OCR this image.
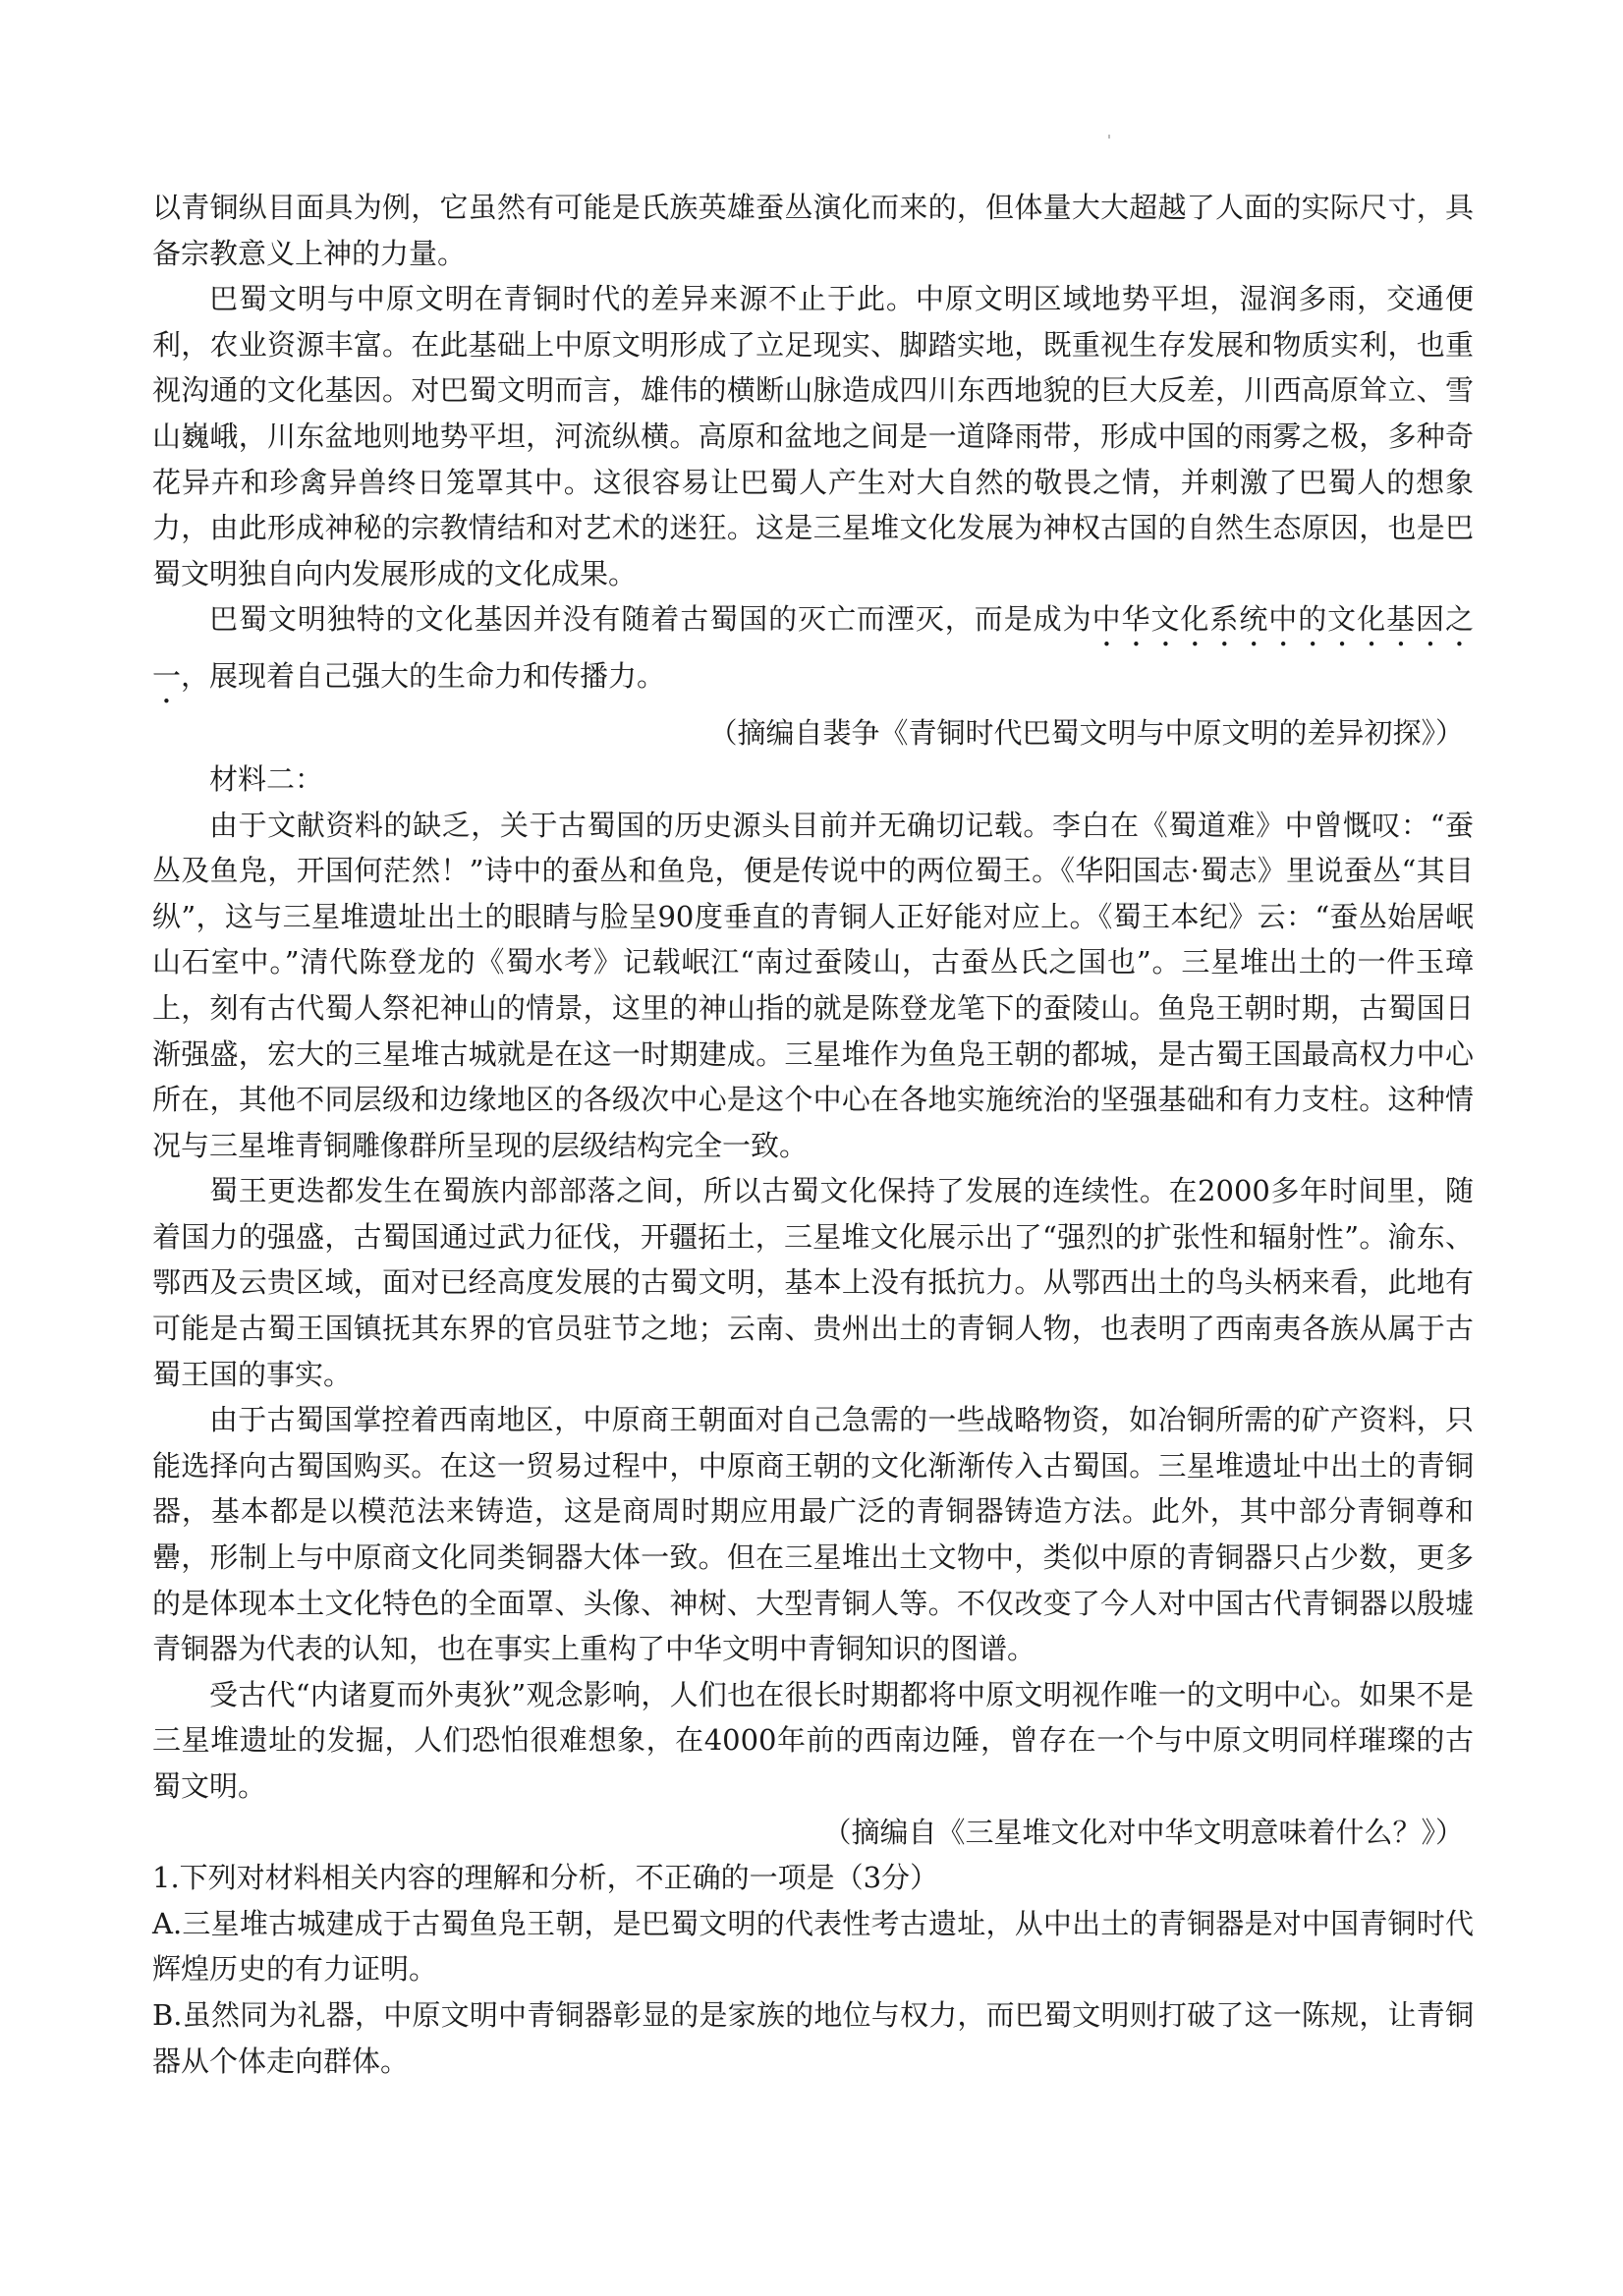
以青铜纵目面具为例，它虽然有可能是氏族英雄蚕丛演化而来的，但体量大大超越了人面的实际尺寸，具备宗教意义上神的力量。

巴蜀文明与中原文明在青铜时代的差异来源不止于此。中原文明区域地势平坦，湿润多雨，交通便利，农业资源丰富。在此基础上中原文明形成了立足现实、脚踏实地，既重视生存发展和物质实利，也重视沟通的文化基因。对巴蜀文明而言，雄伟的横断山脉造成四川东西地貌的巨大反差，川西高原耸立、雪山巍峨，川东盆地则地势平坦，河流纵横。高原和盆地之间是一道降雨带，形成中国的雨雾之极，多种奇花异卉和珍禽异兽终日笼罩其中。这很容易让巴蜀人产生对大自然的敬畏之情，并刺激了巴蜀人的想象力，由此形成神秘的宗教情结和对艺术的迷狂。这是三星堆文化发展为神权古国的自然生态原因，也是巴蜀文明独自向内发展形成的文化成果。

巴蜀文明独特的文化基因并没有随着古蜀国的灭亡而湮灭，而是成为中华文化系统中的文化基因之一，展现着自己强大的生命力和传播力。

（摘编自裴争《青铜时代巴蜀文明与中原文明的差异初探》）

材料二：

由于文献资料的缺乏，关于古蜀国的历史源头目前并无确切记载。李白在《蜀道难》中曾慨叹：“蚕丛及鱼凫，开国何茫然！”诗中的蚕丛和鱼凫，便是传说中的两位蜀王。《华阳国志·蜀志》里说蚕丛“其目纵”，这与三星堆遗址出土的眼睛与脸呈90度垂直的青铜人正好能对应上。《蜀王本纪》云：“蚕丛始居岷山石室中。”清代陈登龙的《蜀水考》记载岷江“南过蚕陵山，古蚕丛氏之国也”。三星堆出土的一件玉璋上，刻有古代蜀人祭祀神山的情景，这里的神山指的就是陈登龙笔下的蚕陵山。鱼凫王朝时期，古蜀国日渐强盛，宏大的三星堆古城就是在这一时期建成。三星堆作为鱼凫王朝的都城，是古蜀王国最高权力中心所在，其他不同层级和边缘地区的各级次中心是这个中心在各地实施统治的坚强基础和有力支柱。这种情况与三星堆青铜雕像群所呈现的层级结构完全一致。

蜀王更迭都发生在蜀族内部部落之间，所以古蜀文化保持了发展的连续性。在2000多年时间里，随着国力的强盛，古蜀国通过武力征伐，开疆拓土，三星堆文化展示出了“强烈的扩张性和辐射性”。渝东、鄂西及云贵区域，面对已经高度发展的古蜀文明，基本上没有抵抗力。从鄂西出土的鸟头柄来看，此地有可能是古蜀王国镇抚其东界的官员驻节之地；云南、贵州出土的青铜人物，也表明了西南夷各族从属于古蜀王国的事实。

由于古蜀国掌控着西南地区，中原商王朝面对自己急需的一些战略物资，如冶铜所需的矿产资料，只能选择向古蜀国购买。在这一贸易过程中，中原商王朝的文化渐渐传入古蜀国。三星堆遗址中出土的青铜器，基本都是以模范法来铸造，这是商周时期应用最广泛的青铜器铸造方法。此外，其中部分青铜尊和罍，形制上与中原商文化同类铜器大体一致。但在三星堆出土文物中，类似中原的青铜器只占少数，更多的是体现本土文化特色的全面罩、头像、神树、大型青铜人等。不仅改变了今人对中国古代青铜器以殷墟青铜器为代表的认知，也在事实上重构了中华文明中青铜知识的图谱。

受古代“内诸夏而外夷狄”观念影响，人们也在很长时期都将中原文明视作唯一的文明中心。如果不是三星堆遗址的发掘，人们恐怕很难想象，在4000年前的西南边陲，曾存在一个与中原文明同样璀璨的古蜀文明。

（摘编自《三星堆文化对中华文明意味着什么？》）

1.下列对材料相关内容的理解和分析，不正确的一项是（3分）

A.三星堆古城建成于古蜀鱼凫王朝，是巴蜀文明的代表性考古遗址，从中出土的青铜器是对中国青铜时代辉煌历史的有力证明。

B.虽然同为礼器，中原文明中青铜器彰显的是家族的地位与权力，而巴蜀文明则打破了这一陈规，让青铜器从个体走向群体。
